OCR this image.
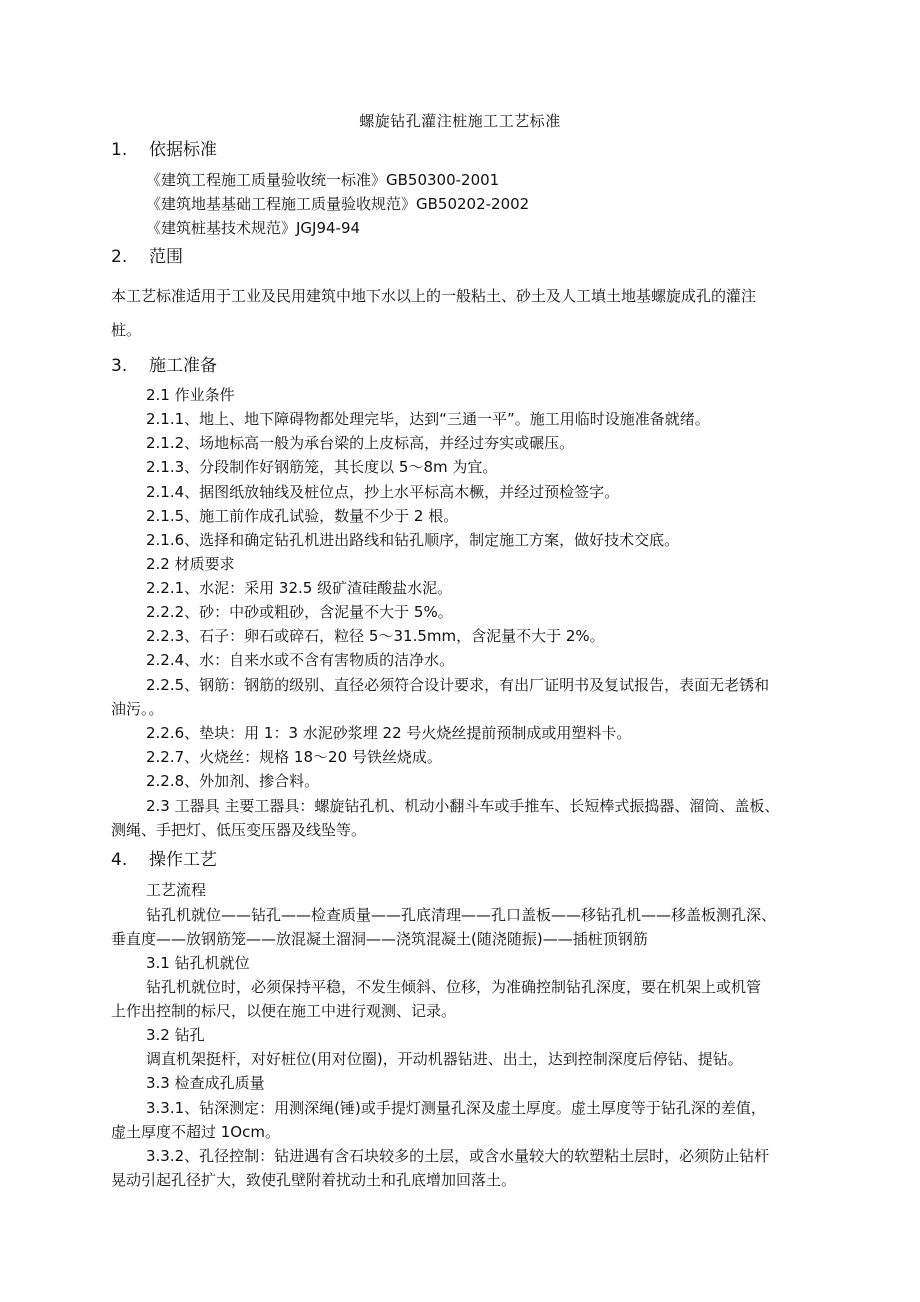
螺旋钻孔灌注桩施工工艺标准
1. 依据标准
《建筑工程施工质量验收统一标准》GB50300-2001
《建筑地基基础工程施工质量验收规范》GB50202-2002
《建筑桩基技术规范》JGJ94-94
2. 范围
本工艺标准适用于工业及民用建筑中地下水以上的一般粘土、砂土及人工填土地基螺旋成孔的灌注
桩。
3. 施工准备
2.1 作业条件
2.1.1、地上、地下障碍物都处理完毕，达到“三通一平”。施工用临时设施准备就绪。
2.1.2、场地标高一般为承台梁的上皮标高，并经过夯实或碾压。
2.1.3、分段制作好钢筋笼，其长度以 5～8m 为宜。
2.1.4、据图纸放轴线及桩位点，抄上水平标高木橛，并经过预检签字。
2.1.5、施工前作成孔试验，数量不少于 2 根。
2.1.6、选择和确定钻孔机进出路线和钻孔顺序，制定施工方案，做好技术交底。
2.2 材质要求
2.2.1、水泥：采用 32.5 级矿渣硅酸盐水泥。
2.2.2、砂：中砂或粗砂，含泥量不大于 5%。
2.2.3、石子：卵石或碎石，粒径 5～31.5mm，含泥量不大于 2%。
2.2.4、水：自来水或不含有害物质的洁净水。
2.2.5、钢筋：钢筋的级别、直径必须符合设计要求，有出厂证明书及复试报告，表面无老锈和
油污。。
2.2.6、垫块：用 1：3 水泥砂浆埋 22 号火烧丝提前预制成或用塑料卡。
2.2.7、火烧丝：规格 18～20 号铁丝烧成。
2.2.8、外加剂、掺合料。
2.3 工器具 主要工器具：螺旋钻孔机、机动小翻斗车或手推车、长短棒式振捣器、溜筒、盖板、
测绳、手把灯、低压变压器及线坠等。
4. 操作工艺
工艺流程
钻孔机就位——钻孔——检查质量——孔底清理——孔口盖板——移钻孔机——移盖板测孔深、
垂直度——放钢筋笼——放混凝土溜洞——浇筑混凝土(随浇随振)——插桩顶钢筋
3.1 钻孔机就位
钻孔机就位时，必须保持平稳，不发生倾斜、位移，为准确控制钻孔深度，要在机架上或机管
上作出控制的标尺，以便在施工中进行观测、记录。
3.2 钻孔
调直机架挺杆，对好桩位(用对位圈)，开动机器钻进、出土，达到控制深度后停钻、提钻。
3.3 检查成孔质量
3.3.1、钻深测定：用测深绳(锤)或手提灯测量孔深及虚土厚度。虚土厚度等于钻孔深的差值，
虚土厚度不超过 1Ocm。
3.3.2、孔径控制：钻进遇有含石块较多的土层，或含水量较大的软塑粘土层时，必须防止钻杆
晃动引起孔径扩大，致使孔壁附着扰动土和孔底增加回落土。
